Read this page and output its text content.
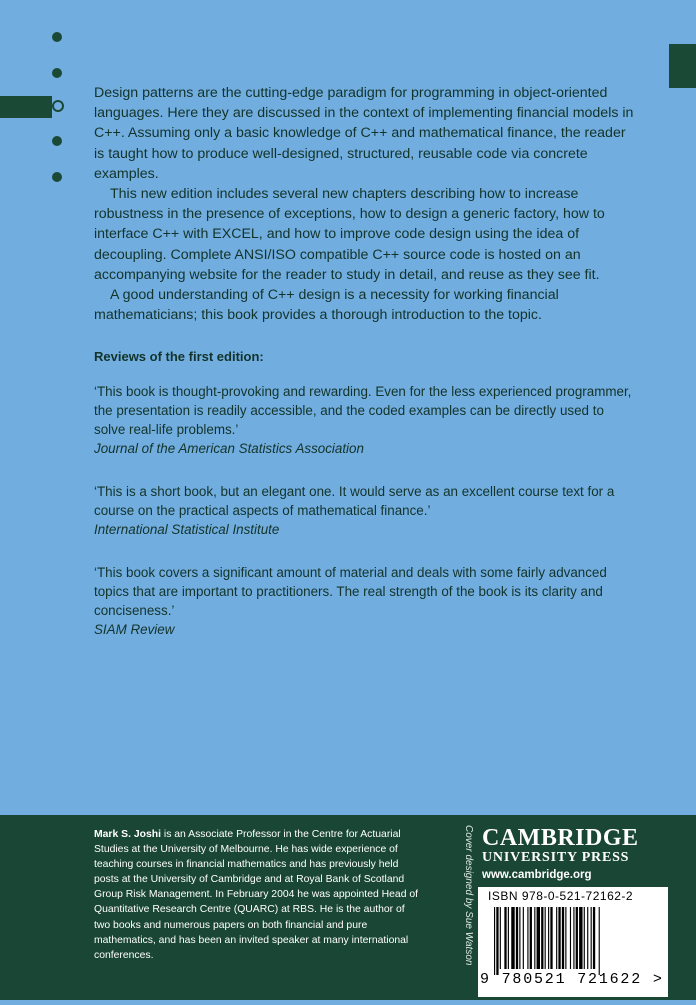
Design patterns are the cutting-edge paradigm for programming in object-oriented languages. Here they are discussed in the context of implementing financial models in C++. Assuming only a basic knowledge of C++ and mathematical finance, the reader is taught how to produce well-designed, structured, reusable code via concrete examples.

This new edition includes several new chapters describing how to increase robustness in the presence of exceptions, how to design a generic factory, how to interface C++ with EXCEL, and how to improve code design using the idea of decoupling. Complete ANSI/ISO compatible C++ source code is hosted on an accompanying website for the reader to study in detail, and reuse as they see fit.

A good understanding of C++ design is a necessity for working financial mathematicians; this book provides a thorough introduction to the topic.

Reviews of the first edition:

‘This book is thought-provoking and rewarding. Even for the less experienced programmer, the presentation is readily accessible, and the coded examples can be directly used to solve real-life problems.’
Journal of the American Statistics Association
‘This is a short book, but an elegant one. It would serve as an excellent course text for a course on the practical aspects of mathematical finance.’
International Statistical Institute
‘This book covers a significant amount of material and deals with some fairly advanced topics that are important to practitioners. The real strength of the book is its clarity and conciseness.’
SIAM Review
Mark S. Joshi is an Associate Professor in the Centre for Actuarial Studies at the University of Melbourne. He has wide experience of teaching courses in financial mathematics and has previously held posts at the University of Cambridge and at Royal Bank of Scotland Group Risk Management. In February 2004 he was appointed Head of Quantitative Research Centre (QUARC) at RBS. He is the author of two books and numerous papers on both financial and pure mathematics, and has been an invited speaker at many international conferences.	Cover designed by Sue Watson CAMBRIDGE
UNIVERSITY PRESS
www.cambridge.org
ISBN 978-0-521-72162-2
9 780521 721622 >
